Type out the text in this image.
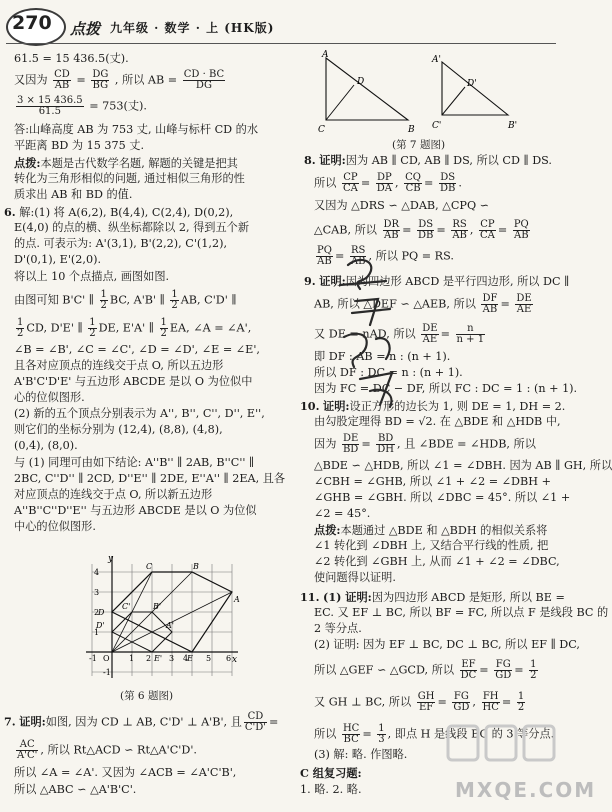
270 点拨 九年级 · 数学 · 上 (HK版)
61.5 = 15 436.5(丈).
又因为 $\frac{CD}{AB} = \frac{DG}{BG}$ , 所以 AB = $\frac{CD \cdot BC}{DG}$
$\frac{3 \times 15 436.5}{61.5} = 753$(丈).
答:山峰高度 AB 为 753 丈, 山峰与标杆 CD 的水
平距离 BD 为 15 375 丈.
点拨:本题是古代数学名题, 解题的关键是把其
转化为三角形相似的问题, 通过相似三角形的性
质求出 AB 和 BD 的值.
6. 解:(1) 将 A(6,2), B(4,4), C(2,4), D(0,2),
E(4,0) 的点的横、纵坐标都除以 2, 得到五个新
的点. 可表示为: A'(3,1), B'(2,2), C'(1,2),
D'(0,1), E'(2,0).
将以上 10 个点描点, 画图如图.
由图可知 B'C' ∥ $\frac{1}{2}$ BC, A'B' ∥ $\frac{1}{2}$ AB, C'D' ∥
$\frac{1}{2}$ CD, D'E' ∥ $\frac{1}{2}$ DE, E'A' ∥ $\frac{1}{2}$ EA, ∠A = ∠A',
∠B = ∠B', ∠C = ∠C', ∠D = ∠D', ∠E = ∠E',
且各对应顶点的连线交于点 O, 所以五边形
A'B'C'D'E' 与五边形 ABCDE 是以 O 为位似中
心的位似图形.
(2) 新的五个顶点分别表示为 A'', B'', C'', D'', E'',
则它们的坐标分别为 (12,4), (8,8), (4,8),
(0,4), (8,0).
与 (1) 同理可由如下结论: A''B'' ∥ 2AB, B''C'' ∥
2BC, C''D'' ∥ 2CD, D''E'' ∥ 2DE, E''A'' ∥ 2EA, 且各
对应顶点的连线交于点 O, 所以新五边形
A''B''C''D''E'' 与五边形 ABCDE 是以 O 为位似
中心的位似图形.
y
x
O
-1
-1
1 2 3 4 5 6
1
2
3
4
A
B
C
D
E
A'
B'
C'
D'
E'
(第 6 题图)
7. 证明:如图, 因为 CD ⊥ AB, C'D' ⊥ A'B', 且 $\frac{CD}{C'D'}$ =
$\frac{AC}{A'C'}$ , 所以 Rt△ACD ∽ Rt△A'C'D'.
所以 ∠A = ∠A'. 又因为 ∠ACB = ∠A'C'B',
所以 △ABC ∽ △A'B'C'.
A
D
C	B
A'
D'
C'	B'
(第 7 题图)
8. 证明:因为 AB ∥ CD, AB ∥ DS, 所以 CD ∥ DS.
所以 $\frac{CP}{CA} = \frac{DP}{DA}$ , $\frac{CQ}{CB} = \frac{DS}{DB}$ .
又因为 △DRS ∽ △DAB, △CPQ ∽
△CAB, 所以 $\frac{DR}{AB} = \frac{DS}{DB} = \frac{RS}{AB}$ , $\frac{CP}{CA} = \frac{PQ}{AB}$
$\frac{PQ}{AB} = \frac{RS}{AB}$ , 所以 PQ = RS.
9. 证明:因为四边形 ABCD 是平行四边形, 所以 DC ∥
AB, 所以 △DEF ∽ △AEB, 所以 $\frac{DF}{AB} = \frac{DE}{AE}$
又 DE = nAD, 所以 $\frac{DE}{AE} = \frac{n}{n + 1}$
即 DF : AB = n : (n + 1).
所以 DF : DC = n : (n + 1).
因为 FC = DC − DF, 所以 FC : DC = 1 : (n + 1).
10. 证明:设正方形的边长为 1, 则 DE = 1, DH = 2.
由勾股定理得 BD = √2. 在 △BDE 和 △HDB 中,
因为 $\frac{DE}{BD} = \frac{BD}{DH}$ , 且 ∠BDE = ∠HDB, 所以
△BDE ∽ △HDB, 所以 ∠1 = ∠DBH. 因为 AB ∥ GH, 所以
∠CBH = ∠GHB, 所以 ∠1 + ∠2 = ∠DBH +
∠GHB = ∠GBH. 所以 ∠DBC = 45°. 所以 ∠1 +
∠2 = 45°.
点拨:本题通过 △BDE 和 △BDH 的相似关系将
∠1 转化到 ∠DBH 上, 又结合平行线的性质, 把
∠2 转化到 ∠GBH 上, 从而 ∠1 + ∠2 = ∠DBC,
使问题得以证明.
11. (1) 证明:因为四边形 ABCD 是矩形, 所以 BE =
EC. 又 EF ⊥ BC, 所以 BF = FC, 所以点 F 是线段 BC 的
2 等分点.
(2) 证明: 因为 EF ⊥ BC, DC ⊥ BC, 所以 EF ∥ DC,
所以 △GEF ∽ △GCD, 所以 $\frac{EF}{DC} = \frac{FG}{GD} = \frac{1}{2}$
又 GH ⊥ BC, 所以 $\frac{GH}{EF} = \frac{FG}{GD}$ , $\frac{FH}{HC} = \frac{1}{2}$
所以 $\frac{HC}{BC} = \frac{1}{3}$ , 即点 H 是线段 BC 的 3 等分点.
(3) 解: 略. 作图略.
C 组复习题:
1. 略. 2. 略.	MXQE.COM
